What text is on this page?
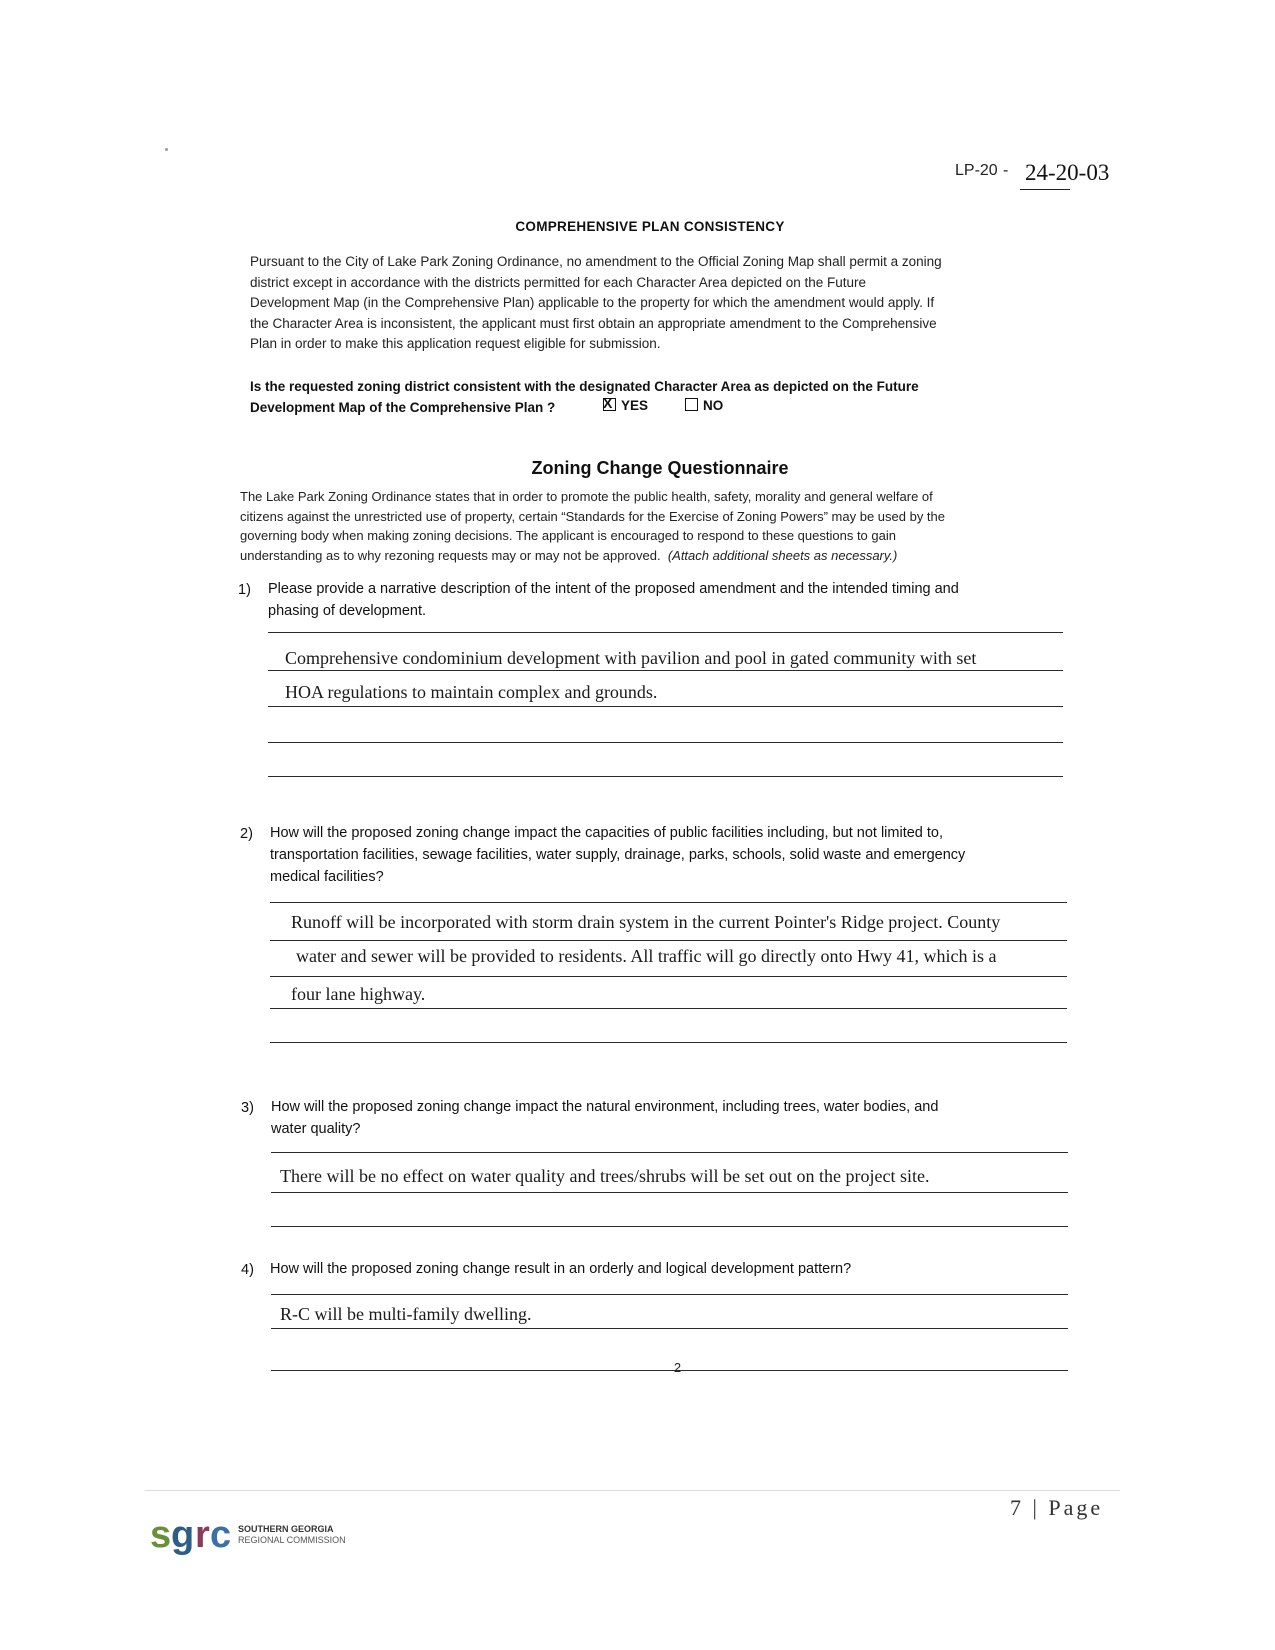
LP-20 - 24-20-03
COMPREHENSIVE PLAN CONSISTENCY
Pursuant to the City of Lake Park Zoning Ordinance, no amendment to the Official Zoning Map shall permit a zoning
district except in accordance with the districts permitted for each Character Area depicted on the Future
Development Map (in the Comprehensive Plan) applicable to the property for which the amendment would apply. If
the Character Area is inconsistent, the applicant must first obtain an appropriate amendment to the Comprehensive
Plan in order to make this application request eligible for submission.
Is the requested zoning district consistent with the designated Character Area as depicted on the Future
Development Map of the Comprehensive Plan ?
X	YES	NO
Zoning Change Questionnaire
The Lake Park Zoning Ordinance states that in order to promote the public health, safety, morality and general welfare of
citizens against the unrestricted use of property, certain “Standards for the Exercise of Zoning Powers” may be used by the
governing body when making zoning decisions. The applicant is encouraged to respond to these questions to gain
understanding as to why rezoning requests may or may not be approved. (Attach additional sheets as necessary.)
1) Please provide a narrative description of the intent of the proposed amendment and the intended timing and
phasing of development.
Comprehensive condominium development with pavilion and pool in gated community with set
HOA regulations to maintain complex and grounds.
2) How will the proposed zoning change impact the capacities of public facilities including, but not limited to,
transportation facilities, sewage facilities, water supply, drainage, parks, schools, solid waste and emergency
medical facilities?
Runoff will be incorporated with storm drain system in the current Pointer's Ridge project. County
water and sewer will be provided to residents. All traffic will go directly onto Hwy 41, which is a
four lane highway.
3) How will the proposed zoning change impact the natural environment, including trees, water bodies, and
water quality?
There will be no effect on water quality and trees/shrubs will be set out on the project site.
4) How will the proposed zoning change result in an orderly and logical development pattern?
R-C will be multi-family dwelling.
2
7 | Page
s g r c SOUTHERN GEORGIA
REGIONAL COMMISSION
